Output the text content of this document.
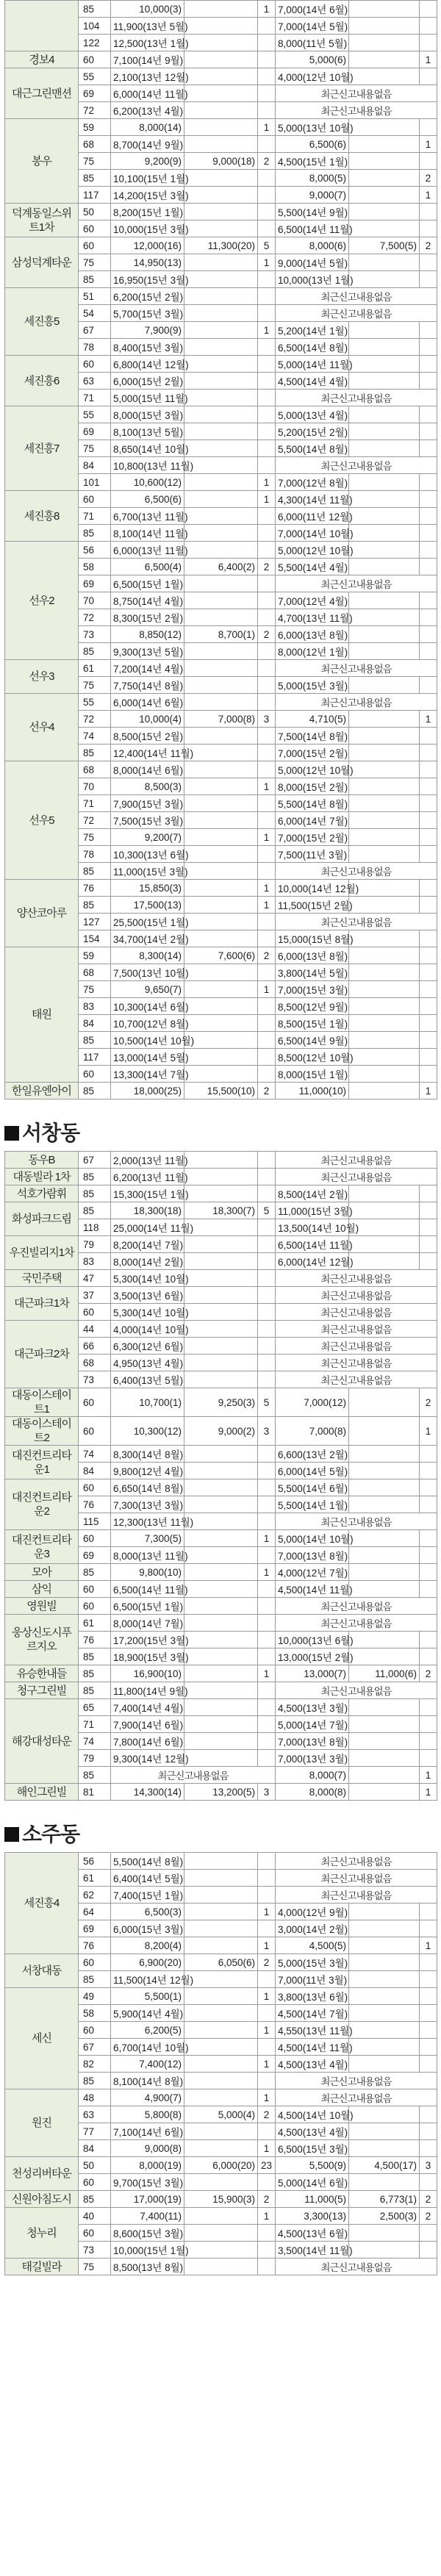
	85	10,000(3)		1	7,000(14년 6월)		
	104	11,900(13년 5월)			7,000(14년 5월)		
	122	12,500(13년 1월)			8,000(11년 5월)		
경보4	60	7,100(14년 9월)			5,000(6)		1
대근그린맨션	55	2,100(13년 12월)			4,000(12년 10월)		
	69	6,000(14년 11월)			최근신고내용없음		
	72	6,200(13년 4월)			최근신고내용없음		
봉우	59	8,000(14)		1	5,000(13년 10월)		
	68	8,700(14년 9월)			6,500(6)		1
	75	9,200(9)	9,000(18)	2	4,500(15년 1월)		
	85	10,100(15년 1월)			8,000(5)		2
	117	14,200(15년 3월)			9,000(7)		1
덕계동일스위트1차	50	8,200(15년 1월)			5,500(14년 9월)		
	60	10,000(15년 3월)			6,500(14년 11월)		
삼성덕계타운	60	12,000(16)	11,300(20)	5	8,000(6)	7,500(5)	2
	75	14,950(13)		1	9,000(14년 5월)		
	85	16,950(15년 3월)			10,000(13년 1월)		
세진흥5	51	6,200(15년 2월)			최근신고내용없음		
	54	5,700(15년 3월)			최근신고내용없음		
	67	7,900(9)		1	5,200(14년 1월)		
	78	8,400(15년 3월)			6,500(14년 8월)		
세진흥6	60	6,800(14년 12월)			5,000(14년 11월)		
	63	6,000(15년 2월)			4,500(14년 4월)		
	71	5,000(15년 11월)			최근신고내용없음		
세진흥7	55	8,000(15년 3월)			5,000(13년 4월)		
	69	8,100(13년 5월)			5,200(15년 2월)		
	75	8,650(14년 10월)			5,500(14년 8월)		
	84	10,800(13년 11월)			최근신고내용없음		
	101	10,600(12)		1	7,000(12년 8월)		
세진흥8	60	6,500(6)		1	4,300(14년 11월)		
	71	6,700(13년 11월)			6,000(11년 12월)		
	85	8,100(14년 11월)			7,000(14년 10월)		
선우2	56	6,000(13년 11월)			5,000(12년 10월)		
	58	6,500(4)	6,400(2)	2	5,500(14년 4월)		
	69	6,500(15년 1월)			최근신고내용없음		
	70	8,750(14년 4월)			7,000(12년 4월)		
	72	8,300(15년 2월)			4,700(13년 11월)		
	73	8,850(12)	8,700(1)	2	6,000(13년 8월)		
	85	9,300(13년 5월)			8,000(12년 1월)		
선우3	61	7,200(14년 4월)			최근신고내용없음		
	75	7,750(14년 8월)			5,000(15년 3월)		
선우4	55	6,000(14년 6월)			최근신고내용없음		
	72	10,000(4)	7,000(8)	3	4,710(5)		1
	74	8,500(15년 2월)			7,500(14년 8월)		
	85	12,400(14년 11월)			7,000(15년 2월)		
선우5	68	8,000(14년 6월)			5,000(12년 10월)		
	70	8,500(3)		1	8,000(15년 2월)		
	71	7,900(15년 3월)			5,500(14년 8월)		
	72	7,500(15년 3월)			6,000(14년 7월)		
	75	9,200(7)		1	7,000(15년 2월)		
	78	10,300(13년 6월)			7,500(11년 3월)		
	85	11,000(15년 3월)			최근신고내용없음		
양산코아루	76	15,850(3)		1	10,000(14년 12월)		
	85	17,500(13)		1	11,500(15년 2월)		
	127	25,500(15년 1월)			최근신고내용없음		
	154	34,700(14년 2월)			15,000(15년 8월)		
태원	59	8,300(14)	7,600(6)	2	6,000(13년 8월)		
	68	7,500(13년 10월)			3,800(14년 5월)		
	75	9,650(7)		1	7,000(15년 3월)		
	83	10,300(14년 6월)			8,500(12년 9월)		
	84	10,700(12년 8월)			8,500(15년 1월)		
	85	10,500(14년 10월)			6,500(14년 9월)		
	117	13,000(14년 5월)			8,500(12년 10월)		
	60	13,300(14년 7월)			8,000(15년 1월)		
한일유엔아이	85	18,000(25)	15,500(10)	2	11,000(10)		1
서창동
동우B	67	2,000(13년 11월)			최근신고내용없음		
대동빌라 1차	85	6,200(13년 11월)			최근신고내용없음		
석호가람휘	85	15,300(15년 1월)			8,500(14년 2월)		
화성파크드림	85	18,300(18)	18,300(7)	5	11,000(15년 3월)		
	118	25,000(14년 11월)			13,500(14년 10월)		
우진빌리지1차	79	8,200(14년 7월)			6,500(14년 11월)		
	83	8,000(14년 2월)			6,000(14년 12월)		
국민주택	47	5,300(14년 10월)			최근신고내용없음		
대근파크1차	37	3,500(13년 6월)			최근신고내용없음		
	60	5,300(14년 10월)			최근신고내용없음		
대근파크2차	44	4,000(14년 10월)			최근신고내용없음		
	66	6,300(12년 6월)			최근신고내용없음		
	68	4,950(13년 4월)			최근신고내용없음		
	73	6,400(13년 5월)			최근신고내용없음		
대동이스테이트1	60	10,700(1)	9,250(3)	5	7,000(12)		2
대동이스테이트2	60	10,300(12)	9,000(2)	3	7,000(8)		1
대진컨트리타운1	74	8,300(14년 8월)			6,600(13년 2월)		
	84	9,800(12년 4월)			6,000(14년 5월)		
대진컨트리타운2	60	6,650(14년 8월)			5,500(14년 6월)		
	76	7,300(13년 3월)			5,500(14년 1월)		
	115	12,300(13년 11월)			최근신고내용없음		
대진컨트리타운3	60	7,300(5)		1	5,000(14년 10월)		
	69	8,000(13년 11월)			7,000(13년 8월)		
모아	85	9,800(10)		1	4,000(12년 7월)		
삼익	60	6,500(14년 11월)			4,500(14년 11월)		
영원빌	60	6,500(15년 1월)			최근신고내용없음		
웅상신도시푸르지오	61	8,000(14년 7월)			최근신고내용없음		
	76	17,200(15년 3월)			10,000(13년 6월)		
	85	18,900(15년 3월)			13,000(15년 2월)		
유승한내들	85	16,900(10)		1	13,000(7)	11,000(6)	2
청구그린빌	85	11,800(14년 9월)			최근신고내용없음		
해강대성타운	65	7,400(14년 4월)			4,500(13년 3월)		
	71	7,900(14년 6월)			5,000(14년 7월)		
	74	7,800(14년 6월)			7,000(13년 8월)		
	79	9,300(14년 12월)			7,000(13년 3월)		
	85	최근신고내용없음			8,000(7)		1
해인그린빌	81	14,300(14)	13,200(5)	3	8,000(8)		1
소주동
세진흥4	56	5,500(14년 8월)			최근신고내용없음		
	61	6,400(14년 5월)			최근신고내용없음		
	62	7,400(15년 1월)			최근신고내용없음		
	64	6,500(3)		1	4,000(12년 9월)		
	69	6,000(15년 3월)			3,000(14년 2월)		
	76	8,200(4)		1	4,500(5)		1
서창대동	60	6,900(20)	6,050(6)	2	5,000(15년 3월)		
	85	11,500(14년 12월)			7,000(11년 3월)		
세신	49	5,500(1)		1	3,800(13년 6월)		
	58	5,900(14년 4월)			4,500(14년 7월)		
	60	6,200(5)		1	4,550(13년 11월)		
	67	6,700(14년 10월)			4,500(14년 11월)		
	82	7,400(12)		1	4,500(13년 4월)		
	85	8,100(14년 8월)			최근신고내용없음		
원진	48	4,900(7)		1	최근신고내용없음		
	63	5,800(8)	5,000(4)	2	4,500(14년 10월)		
	77	7,100(14년 6월)			4,500(13년 4월)		
	84	9,000(8)		1	6,500(15년 3월)		
천성리버타운	50	8,000(19)	6,000(20)	23	5,500(9)	4,500(17)	3
	60	9,700(15년 3월)			5,000(14년 6월)		
신원아침도시	85	17,000(19)	15,900(3)	2	11,000(5)	6,773(1)	2
청누리	40	7,400(11)		1	3,300(13)	2,500(3)	2
	60	8,600(15년 3월)			4,500(13년 6월)		
	73	10,000(15년 1월)			3,500(14년 11월)		
태길빌라	75	8,500(13년 8월)			최근신고내용없음		
